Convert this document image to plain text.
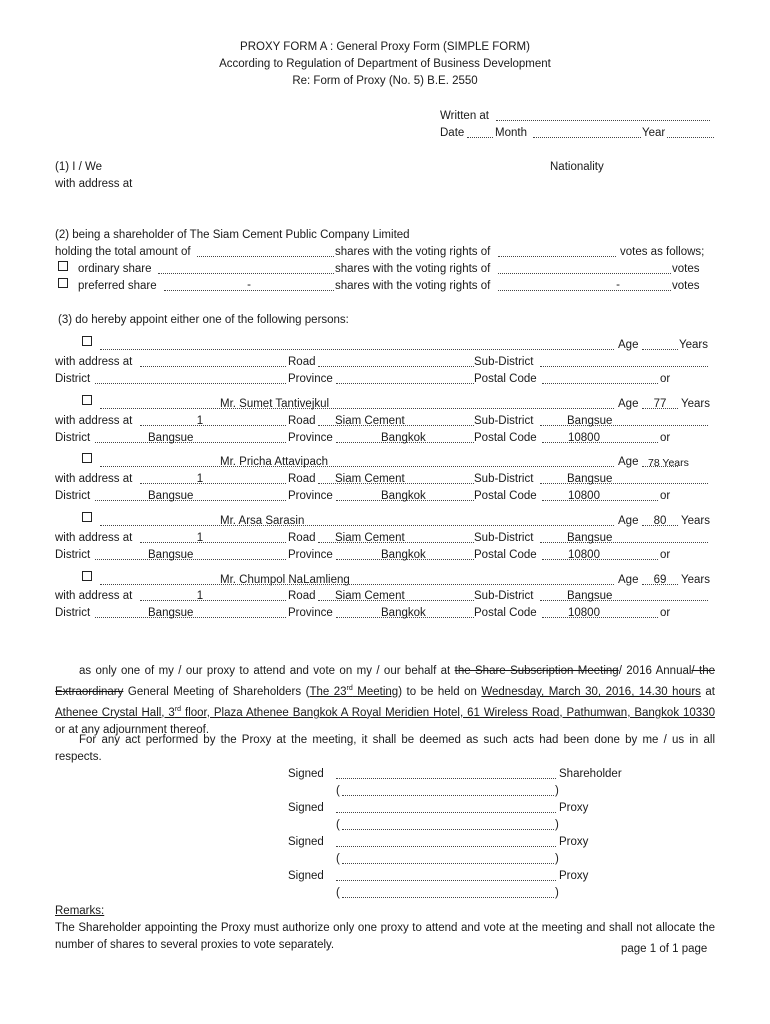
PROXY FORM A : General Proxy Form (SIMPLE FORM)
According to Regulation of Department of Business Development
Re: Form of Proxy (No. 5) B.E. 2550
Written at
Date	Month	Year
(1) I / We	Nationality
with address at
(2) being a shareholder of The Siam Cement Public Company Limited
holding the total amount of	shares with the voting rights of	votes as follows;
ordinary share	shares with the voting rights of	votes
preferred share	-	shares with the voting rights of	-	votes
(3) do hereby appoint either one of the following persons:
Age	Years
with address at	Road	Sub-District
District	Province	Postal Code	or
Mr. Sumet Tantivejkul	Age	77	Years
with address at	1	Road Siam Cement	Sub-District	Bangsue
District	Bangsue	Province	Bangkok	Postal Code	10800	or
Mr. Pricha Attavipach	Age 78 Years
with address at	1	Road Siam Cement	Sub-District	Bangsue
District	Bangsue	Province	Bangkok	Postal Code	10800	or
Mr. Arsa Sarasin	Age	80	Years
with address at	1	Road Siam Cement	Sub-District	Bangsue
District	Bangsue	Province	Bangkok	Postal Code	10800	or
Mr. Chumpol NaLamlieng	Age	69	Years
with address at	1	Road Siam Cement	Sub-District	Bangsue
District	Bangsue	Province	Bangkok	Postal Code	10800	or
as only one of my / our proxy to attend and vote on my / our behalf at the Share Subscription Meeting/ 2016 Annual/ the Extraordinary General Meeting of Shareholders (The 23rd Meeting) to be held on Wednesday, March 30, 2016, 14.30 hours at Athenee Crystal Hall, 3rd floor, Plaza Athenee Bangkok A Royal Meridien Hotel, 61 Wireless Road, Pathumwan, Bangkok 10330 or at any adjournment thereof.
For any act performed by the Proxy at the meeting, it shall be deemed as such acts had been done by me / us in all respects.
Signed	Shareholder
(	)
Signed	Proxy
(	)
Signed	Proxy
(	)
Signed	Proxy
(	)
Remarks:
The Shareholder appointing the Proxy must authorize only one proxy to attend and vote at the meeting and shall not allocate the number of shares to several proxies to vote separately.	page 1 of 1 page
